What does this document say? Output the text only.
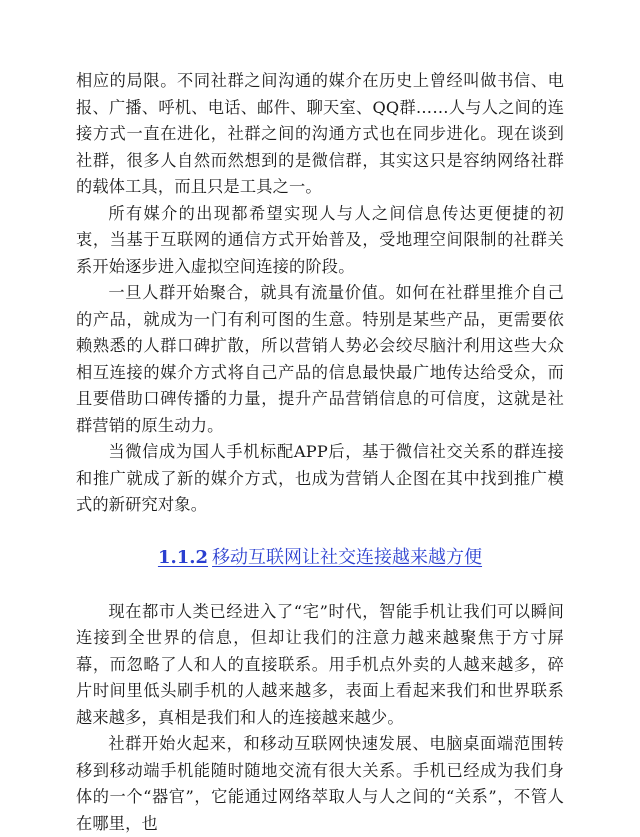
相应的局限。不同社群之间沟通的媒介在历史上曾经叫做书信、电报、广播、呼机、电话、邮件、聊天室、QQ群……人与人之间的连接方式一直在进化，社群之间的沟通方式也在同步进化。现在谈到社群，很多人自然而然想到的是微信群，其实这只是容纳网络社群的载体工具，而且只是工具之一。

所有媒介的出现都希望实现人与人之间信息传达更便捷的初衷，当基于互联网的通信方式开始普及，受地理空间限制的社群关系开始逐步进入虚拟空间连接的阶段。

一旦人群开始聚合，就具有流量价值。如何在社群里推介自己的产品，就成为一门有利可图的生意。特别是某些产品，更需要依赖熟悉的人群口碑扩散，所以营销人势必会绞尽脑汁利用这些大众相互连接的媒介方式将自己产品的信息最快最广地传达给受众，而且要借助口碑传播的力量，提升产品营销信息的可信度，这就是社群营销的原生动力。

当微信成为国人手机标配APP后，基于微信社交关系的群连接和推广就成了新的媒介方式，也成为营销人企图在其中找到推广模式的新研究对象。

1.1.2 移动互联网让社交连接越来越方便

现在都市人类已经进入了“宅”时代，智能手机让我们可以瞬间连接到全世界的信息，但却让我们的注意力越来越聚焦于方寸屏幕，而忽略了人和人的直接联系。用手机点外卖的人越来越多，碎片时间里低头刷手机的人越来越多，表面上看起来我们和世界联系越来越多，真相是我们和人的连接越来越少。

社群开始火起来，和移动互联网快速发展、电脑桌面端范围转移到移动端手机能随时随地交流有很大关系。手机已经成为我们身体的一个“器官”，它能通过网络萃取人与人之间的“关系”，不管人在哪里，也
